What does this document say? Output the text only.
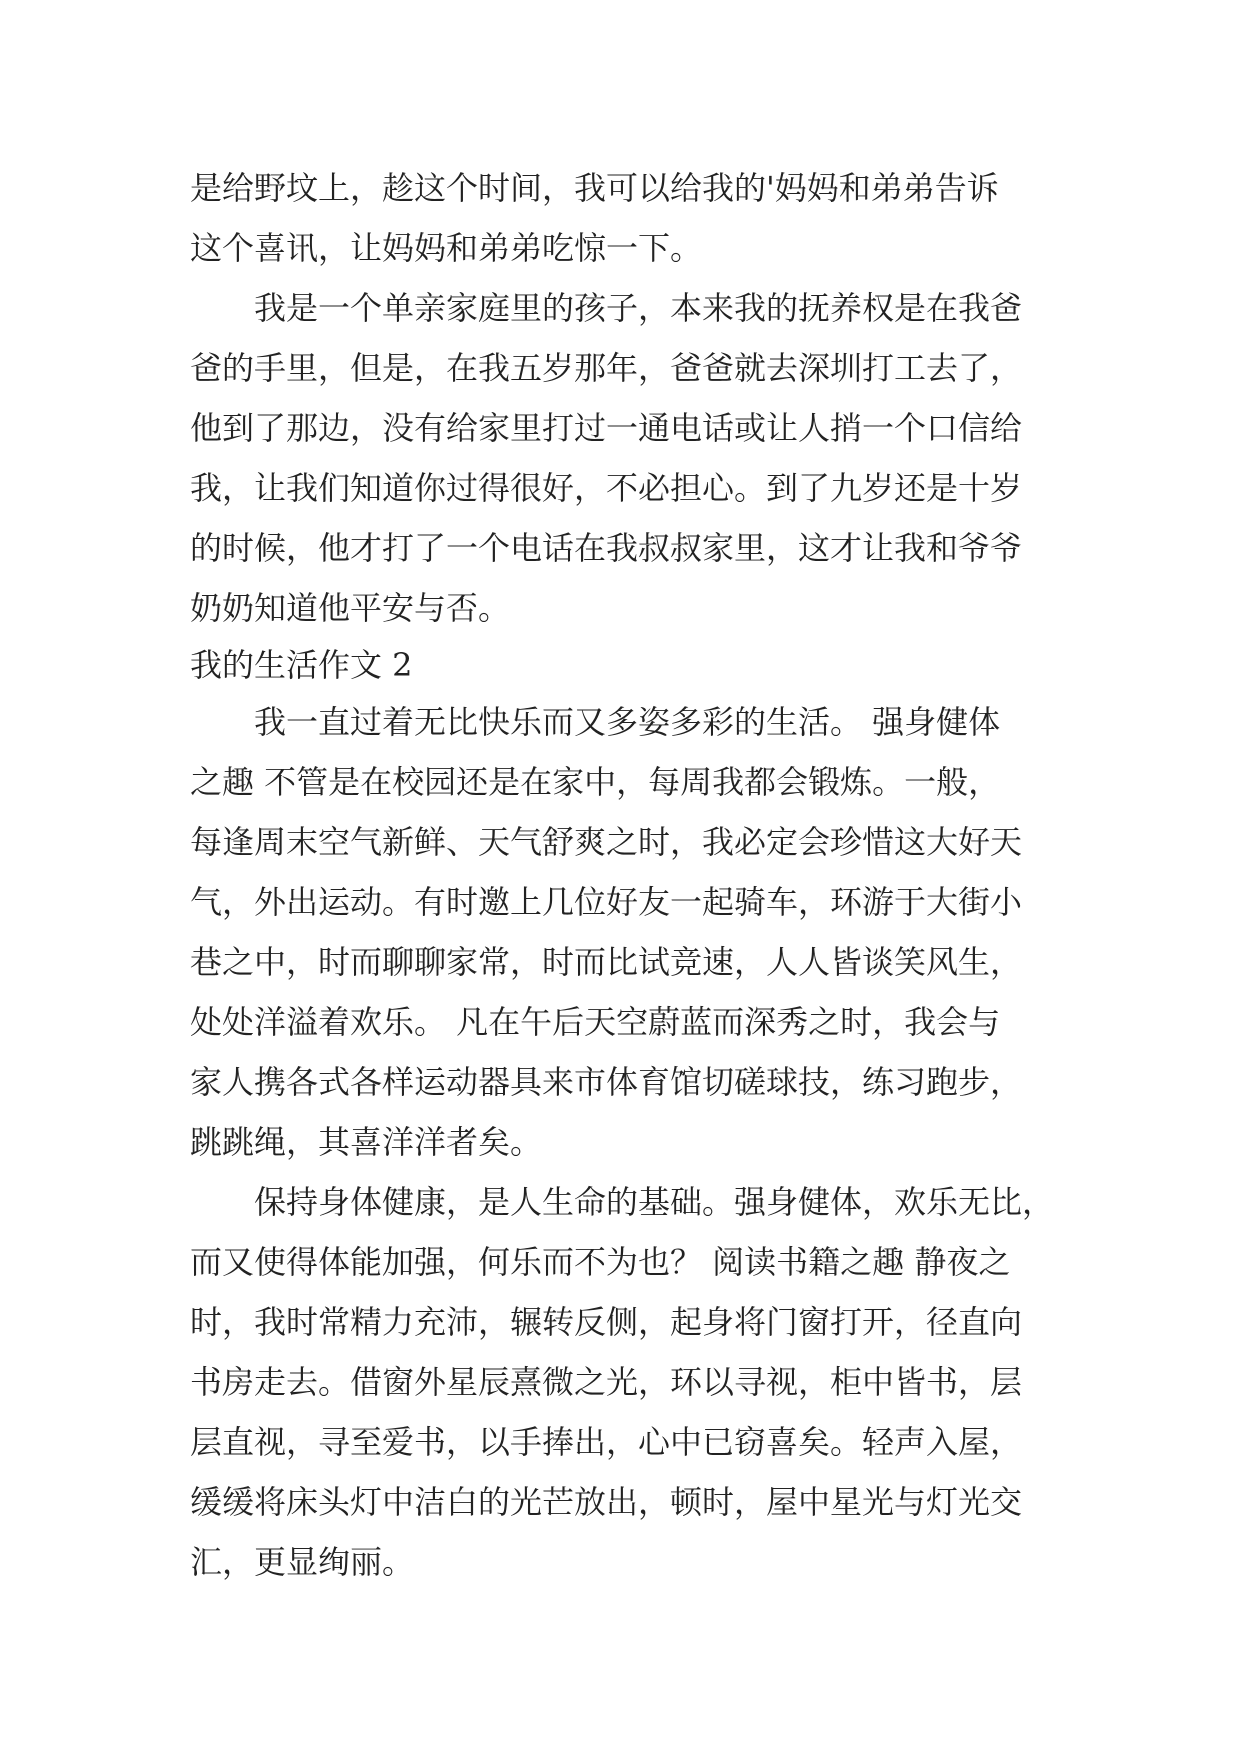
是给野坟上，趁这个时间，我可以给我的'妈妈和弟弟告诉
这个喜讯，让妈妈和弟弟吃惊一下。
我是一个单亲家庭里的孩子，本来我的抚养权是在我爸
爸的手里，但是，在我五岁那年，爸爸就去深圳打工去了，
他到了那边，没有给家里打过一通电话或让人捎一个口信给
我，让我们知道你过得很好，不必担心。到了九岁还是十岁
的时候，他才打了一个电话在我叔叔家里，这才让我和爷爷
奶奶知道他平安与否。
我的生活作文 2
我一直过着无比快乐而又多姿多彩的生活。 强身健体
之趣 不管是在校园还是在家中，每周我都会锻炼。一般，
每逢周末空气新鲜、天气舒爽之时，我必定会珍惜这大好天
气，外出运动。有时邀上几位好友一起骑车，环游于大街小
巷之中，时而聊聊家常，时而比试竞速，人人皆谈笑风生，
处处洋溢着欢乐。 凡在午后天空蔚蓝而深秀之时，我会与
家人携各式各样运动器具来市体育馆切磋球技，练习跑步，
跳跳绳，其喜洋洋者矣。
保持身体健康，是人生命的基础。强身健体，欢乐无比，
而又使得体能加强，何乐而不为也？ 阅读书籍之趣 静夜之
时，我时常精力充沛，辗转反侧，起身将门窗打开，径直向
书房走去。借窗外星辰熹微之光，环以寻视，柜中皆书，层
层直视，寻至爱书，以手捧出，心中已窃喜矣。轻声入屋，
缓缓将床头灯中洁白的光芒放出，顿时，屋中星光与灯光交
汇，更显绚丽。
